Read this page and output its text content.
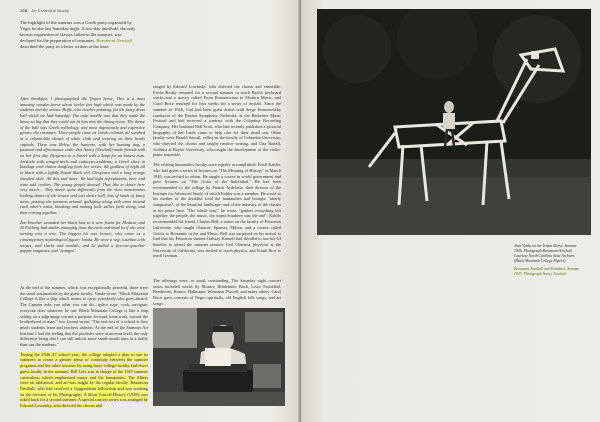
108 An Essential Bucky
The highlight of the summer was a Greek party organized by Vogts for the last Saturday night. A two-day interlude, the only known suspension of classes called in the summer, was declared for the preparation of costumes. Beaumont Newhall described the party in a letter written at the time:

After breakfast, I photographed the Trojan horse. This is a most amusing wooden horse about twelve feet high which was made by the students and the artists. Hoffe, who teaches painting, for the fancy dress ball which we had Saturday. The only trouble was that they made the horse so big that they could not fit him into the dining room. The theme of the ball was Greek mythology, and most ingeniously and expensive gowns, the costumes. Three people came as Greek columns all swathed in a column-like sheath of white cloth and wearing on their heads capitals. There was Helen, the huntress, with her hunting dog, a pastoral and affectionate cattle that Nancy (Newhall) made friends with on her first day. Diogenes in a barrel with a lamp for an honest man. Aristotle with winged heels and caduceus emblems; a Greek slave in bondage with chains dangling from her wrists; the goddess of night all in black with a lightly bound black veil. Cleopatra with a long orange streaked skirt. All this and more. We had light refreshments, beer and wine and cookies. The young people danced. They like to dance here very much.... They dance quite differently from the slow monotonous looking dance of the trouvé and taxi dance hall, lots of kinds of fancy turns, passing the partners around, galloping along with arms around each other's waist, breaking and making little sallies forth along, and then coming together.

Zoe Kracher wounded her black hair in a wire frame for Medusa, and Al Forberg had snakes emerging from the neck and head as if she were turning into a tree. The biggest hit was Leonie, who came as a contemporary mythological figure: Vanda. He wore a wig, a turban with stripes, and slacks and sandals, and he pulled a five-car-gasoline puppet magnates, and 'oranges.'

ranged by Edward Lowinsky, who directed the chorus and ensemble. Erwin Bodky returned for a second summer to teach Bach's keyboard works and a survey called From Romanticism to Modern Music, and Carol Brice returned for four weeks for a series of recitals. Since the summer of 1946, Carl had been guest artists with Serge Koussevitzky conductor of the Boston Symphony Orchestra, at the Berkshire Music Festival and had received a contract with the Columbia Recording Company. Her husband Nell Scott, who had recently published a pictorial biography of her Laub, came to help care for their small son. Other faculty were Harold Sawall, cellist on the faculty of Columbia University, who directed the chorus and taught creative writing, and Una Bartell, violinist at Baylor University, who taught the development of the violin-piano ensemble.

The visiting humanities faculty were equally accomplished. Erich Kahler, who had given a series of lectures on "The Meaning of History" in March 1946, was invited to return. He taught a course in world government and gave lectures on "The Crisis of the Individual." He had been recommended to the college by Franck Aydelotte, then director of the Institute for Advanced Study, of which Kahler was a member. He wrote to his mother of the dreadful food the humanities had brought "utterly sumptuous"; of the beautiful landscape; and of the intensity of the classes in his peace here. "The whole way," he wrote, "gathers everything left together: the people, the music, the warm Southern sun, the one". Kahler recommended his friend, Charles Bell, a writer on the faculty of Princeton University, who taught Chaucer, Spenser, Milton, and a course called Gothic to Romantic in Art and Music. Bell was surprised on his arrival to find that his Princeton student Galway Kinnell had decided to use his GI benefits to attend the summer session. Carl Clement, physicist at the University of California, was invited to teach physics, and Frank Rice to teach German.

At the end of the summer, which was exceptionally peaceful, there were the usual testimonials by the guest faculty. Vanda wrote, "Black Mountain College is like a ship which seems to carry everybody who goes aboard. The Captain asks you what you can do—splice rope, cook, navigate; everyone does whatever he can. Black Mountain College is like a ship sailing on a pilgrimage toward a purpose, forward some truth, toward the brotherhood of man." Leo Lionni wrote: "The real test of a school is how much students learn and teachers unlearn. At the end of the Summer Art Institute I had the feeling that the positions were at an even level, the only difference being that I can still unlock more small mouth hues in a drafty than can the students."

During the 1946–47 school year, the college adopted a plan to use its summers to create a greater sense of continuity between the summer programs and the other sessions by using more college faculty and fewer guest faculty in the summer. Bill Levi was in charge of the 1947 summer curriculum, which emphasized music and the humanities. The Albers were on sabbatical, and art was taught by the regular faculty. Beaumont Newhall, who had received a Guggenheim fellowship and was working on the revision of his Photography: A Short Critical History (1938), was asked back for a second summer. A special concert series was arranged by Edward Lowinsky, who directed the chorus and

Jean Varda on the Trojan Horse, Summer 1946. Photograph Beaumont Newhall. Courtesy North Carolina State Archives (Black Mountain College Papers)
Beaumont Newhall and Portables, Summer 1947. Photograph Nancy Newhall

The offerings were, as usual, outstanding. The Saturday night concert series included works by Mozart, Hindemith, Bach, Liszt, Pachelbel, Beethoven, Krauss, Hallmann, Telemann, Purcell, and many others. Carol Brice gave concerts of Negro spirituals, old English folk songs, and art songs.
